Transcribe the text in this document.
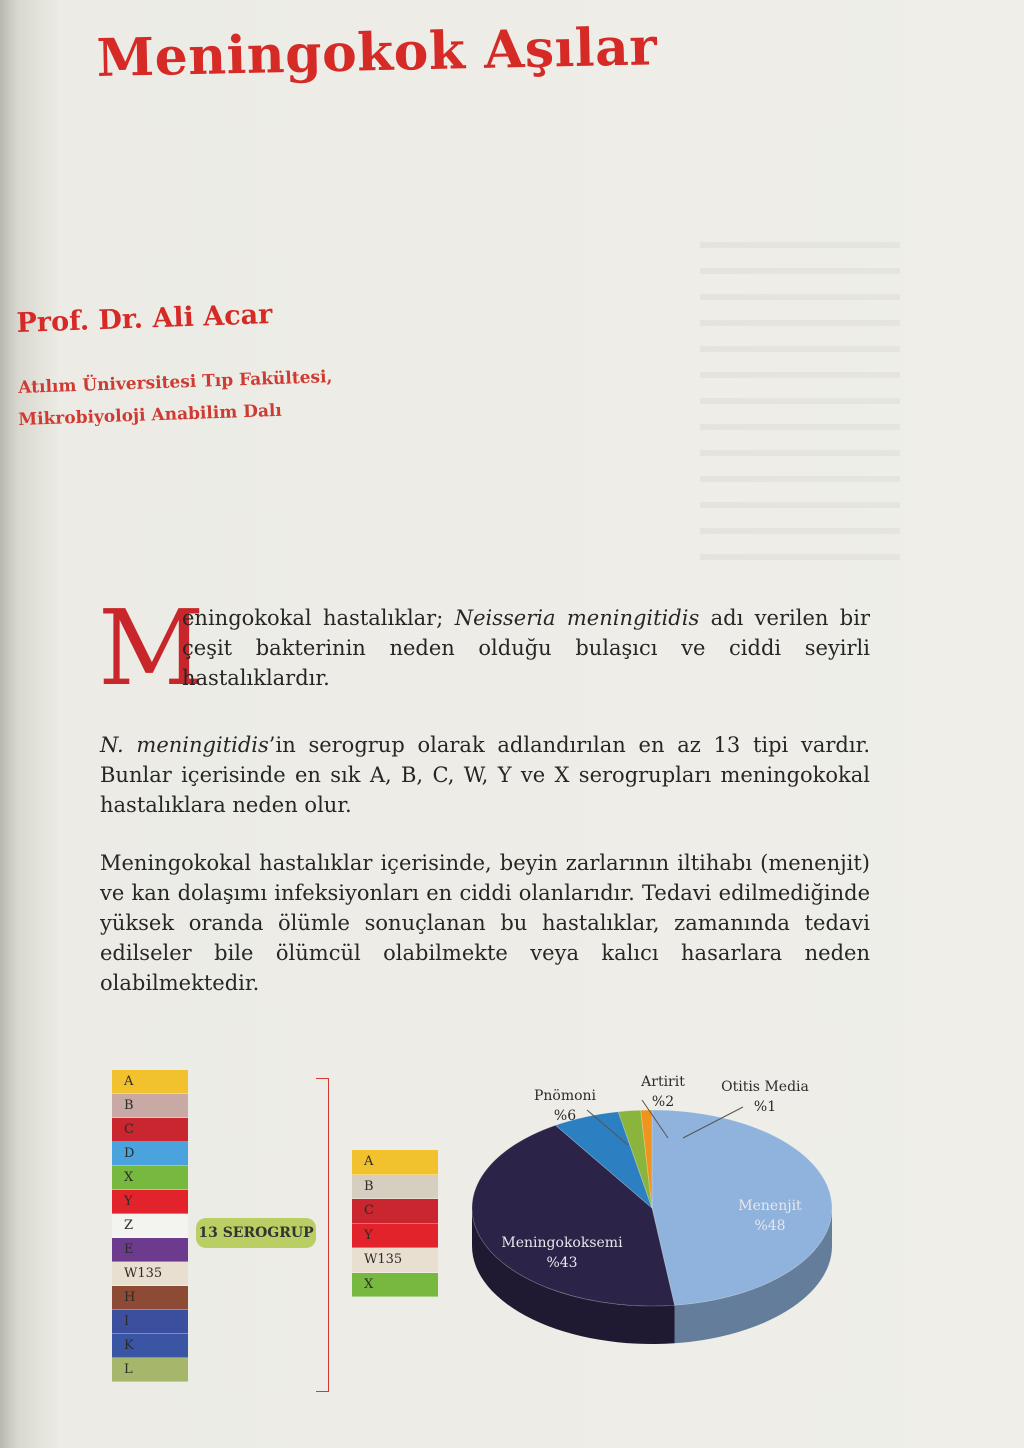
Meningokok Aşılar
Prof. Dr. Ali Acar
Atılım Üniversitesi Tıp Fakültesi,
Mikrobiyoloji Anabilim Dalı
M
eningokokal hastalıklar; Neisseria meningitidis adı verilen bir çeşit bakterinin neden olduğu bulaşıcı ve ciddi seyirli hastalıklardır.
N. meningitidis’in serogrup olarak adlandırılan en az 13 tipi vardır. Bunlar içerisinde en sık A, B, C, W, Y ve X serogrupları meningokokal hastalıklara neden olur.
Meningokokal hastalıklar içerisinde, beyin zarlarının iltihabı (menenjit) ve kan dolaşımı infeksiyonları en ciddi olanlarıdır. Tedavi edilmediğinde yüksek oranda ölümle sonuçlanan bu hastalıklar, zamanında tedavi edilseler bile ölümcül olabilmekte veya kalıcı hasarlara neden olabilmektedir.
A
B
C
D
X
Y
Z
E
W135
H
I
K
L
13 SEROGRUP
A
B
C
Y
W135
X
Menenjit
%48
Meningokoksemi
%43
Pnömoni
%6
Artirit
%2
Otitis Media
%1
